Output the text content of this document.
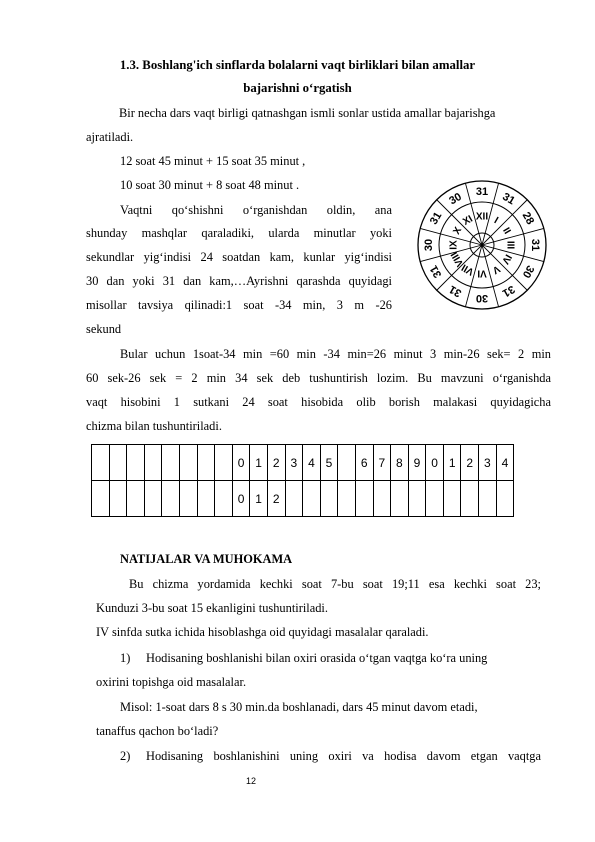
1.3. Boshlang'ich sinflarda bolalarni vaqt birliklari bilan amallar
bajarishni o‘rgatish
Bir necha dars vaqt birligi qatnashgan ismli sonlar ustida amallar bajarishga
ajratiladi.
12 soat 45 minut + 15 soat 35 minut ,
10 soat 30 minut + 8 soat 48 minut .
Vaqtni qo‘shishni o‘rganishdan oldin, ana
shunday mashqlar qaraladiki, ularda minutlar yoki
sekundlar yig‘indisi 24 soatdan kam, kunlar yig‘indisi
30 dan yoki 31 dan kam,…Ayrishni qarashda quyidagi
misollar tavsiya qilinadi:1 soat -34 min, 3 m -26
sekund
I
31
II
28
III 31
IV
30
V
31
VI
30
VII
31
VIII
31
IX
30
X
31 XI
30
XII
31
Bular uchun 1soat-34 min =60 min -34 min=26 minut 3 min-26 sek= 2 min
60 sek-26 sek = 2 min 34 sek deb tushuntirish lozim. Bu mavzuni o‘rganishda
vaqt hisobini 1 sutkani 24 soat hisobida olib borish malakasi quyidagicha
chizma bilan tushuntiriladi.
								0	1	2	3	4	5		6	7	8	9	0	1	2	3	4
								0	1	2													
NATIJALAR VA MUHOKAMA
Bu chizma yordamida kechki soat 7-bu soat 19;11 esa kechki soat 23;
Kunduzi 3-bu soat 15 ekanligini tushuntiriladi.
IV sinfda sutka ichida hisoblashga oid quyidagi masalalar qaraladi.
1) Hodisaning boshlanishi bilan oxiri orasida o‘tgan vaqtga ko‘ra uning
oxirini topishga oid masalalar.
Misol: 1-soat dars 8 s 30 min.da boshlanadi, dars 45 minut davom etadi,
tanaffus qachon bo‘ladi?
2) Hodisaning boshlanishini uning oxiri va hodisa davom etgan vaqtga
12
